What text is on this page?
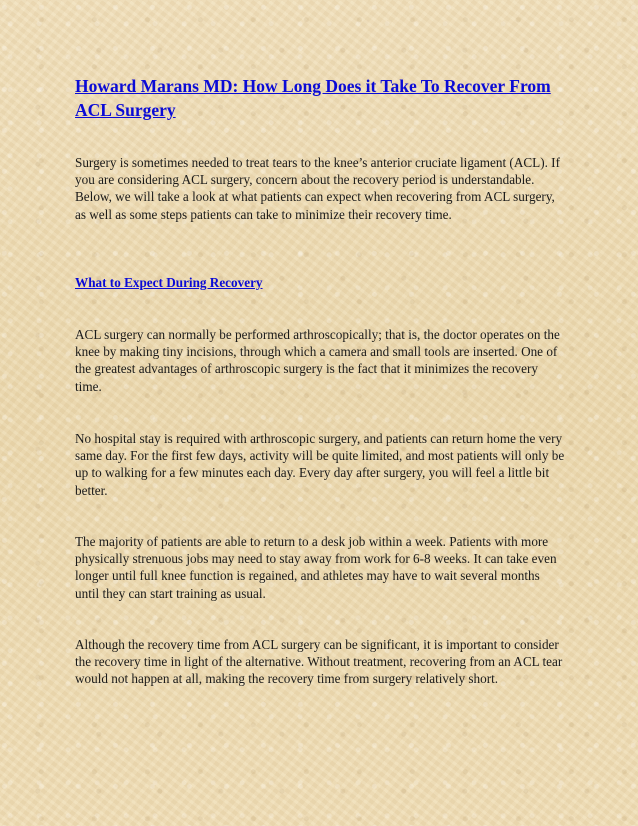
Howard Marans MD: How Long Does it Take To Recover From ACL Surgery

Surgery is sometimes needed to treat tears to the knee’s anterior cruciate ligament (ACL). If you are considering ACL surgery, concern about the recovery period is understandable. Below, we will take a look at what patients can expect when recovering from ACL surgery, as well as some steps patients can take to minimize their recovery time.

What to Expect During Recovery

ACL surgery can normally be performed arthroscopically; that is, the doctor operates on the knee by making tiny incisions, through which a camera and small tools are inserted. One of the greatest advantages of arthroscopic surgery is the fact that it minimizes the recovery time.

No hospital stay is required with arthroscopic surgery, and patients can return home the very same day. For the first few days, activity will be quite limited, and most patients will only be up to walking for a few minutes each day. Every day after surgery, you will feel a little bit better.

The majority of patients are able to return to a desk job within a week. Patients with more physically strenuous jobs may need to stay away from work for 6-8 weeks. It can take even longer until full knee function is regained, and athletes may have to wait several months until they can start training as usual.

Although the recovery time from ACL surgery can be significant, it is important to consider the recovery time in light of the alternative. Without treatment, recovering from an ACL tear would not happen at all, making the recovery time from surgery relatively short.
